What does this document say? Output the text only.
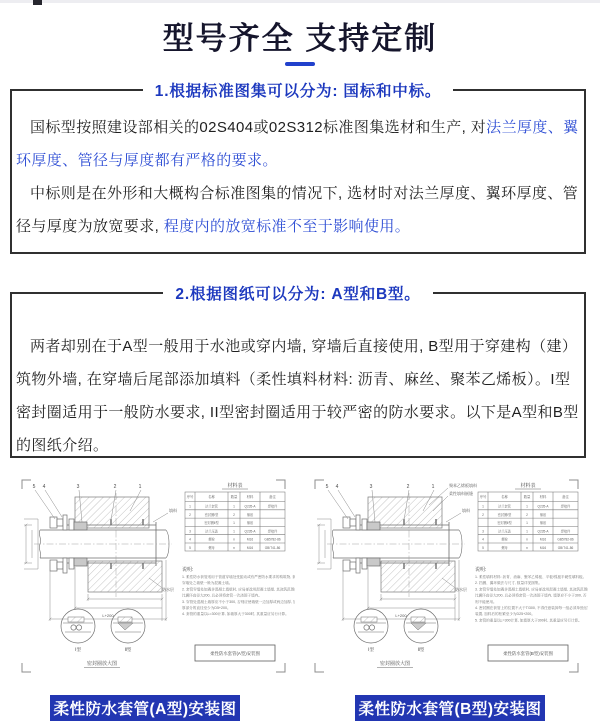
型号齐全 支持定制
1.根据标准图集可以分为: 国标和中标。

国标型按照建设部相关的02S404或02S312标准图集选材和生产, 对法兰厚度、翼环厚度、管径与厚度都有严格的要求。

中标则是在外形和大概构合标准图集的情况下, 选材时对法兰厚度、翼环厚度、管径与厚度为放宽要求, 程度内的放宽标准不至于影响使用。

2.根据图纸可以分为: A型和B型。

两者却别在于A型一般用于水池或穿内墙, 穿墙后直接使用, B型用于穿建构（建）筑物外墙, 在穿墙后尾部添加填料（柔性填料材料: 沥青、麻丝、聚苯乙烯板）。I型密封圈适用于一般防水要求, II型密封圈适用于较严密的防水要求。以下是A型和B型的图纸介绍。

5 4	3	2	1
L+200
填料
防水层
Ⅰ型	Ⅱ型
密封圈放大图
材料表
序号	名称	数量	材料	备注
1	法兰套管	1	Q235-A	焊接件
2	密封圈Ⅰ型	2	橡胶
密封圈Ⅱ型	1	橡胶
3	法兰压盖	1	Q235-A	焊接件
4	螺栓	n	M16	GB5782-86
5	螺母	n	M16	GB/T41-86
说明:
1. 柔性防水套管适用于管道穿墙处受振动或有严密防水要求的构筑物, 套管
穿墙处之墙壁一般为混凝土墙。
2. 套管穿墙处如遇非混凝土墙壁时, 应局部改用混凝土墙壁, 其浇筑范围应
比翼环直径大200, 且必须将套管一次浇固于墙内。
3. 穿管处混凝土墙厚应不小于300, 否则应使墙壁一边加厚或两边加厚, 加
厚部分的直径至少为D5+200。
4. 套管的重量以L=300计算, 如墙厚大于300时, 其重量应另行计算。
柔性防水套管(A型)安装图
5 4	3	2	1
L+200
填料
防水层
聚苯乙烯板填料
柔性填料嵌缝
Ⅰ型	Ⅱ型
密封圈放大图
材料表
序号	名称	数量	材料	备注
1	法兰套管	1	Q235-A	焊接件
2	密封圈Ⅰ型	2	橡胶
密封圈Ⅱ型	1	橡胶
3	法兰压盖	1	Q235-A	焊接件
4	螺栓	n	M16	GB5782-86
5	螺母	n	M16	GB/T41-86
说明:
1. 柔性填料材料: 沥青、油麻、聚苯乙烯板、平板/弧板半硬性填料板。
2. 挡圈、翼环做法与尺寸, 数量详见图集。
3. 套管穿墙处如遇非混凝土墙壁时, 应局部改用混凝土墙壁, 其浇筑范围应
比翼环直径大200, 且必须将套管一次浇固于墙内, 墙厚应不小于300, 否
则不能使用。
4. 密封圈在套管上的位置不大于T/300, 不得任意装卸每一组必须单独压紧
装置, 加料后的松紧至少为D25+200。
5. 套管的重量以L=300计算, 如墙厚大于300时, 其重量应另行计算。
柔性防水套管(B型)安装图
柔性防水套管(A型)安装图	柔性防水套管(B型)安装图
